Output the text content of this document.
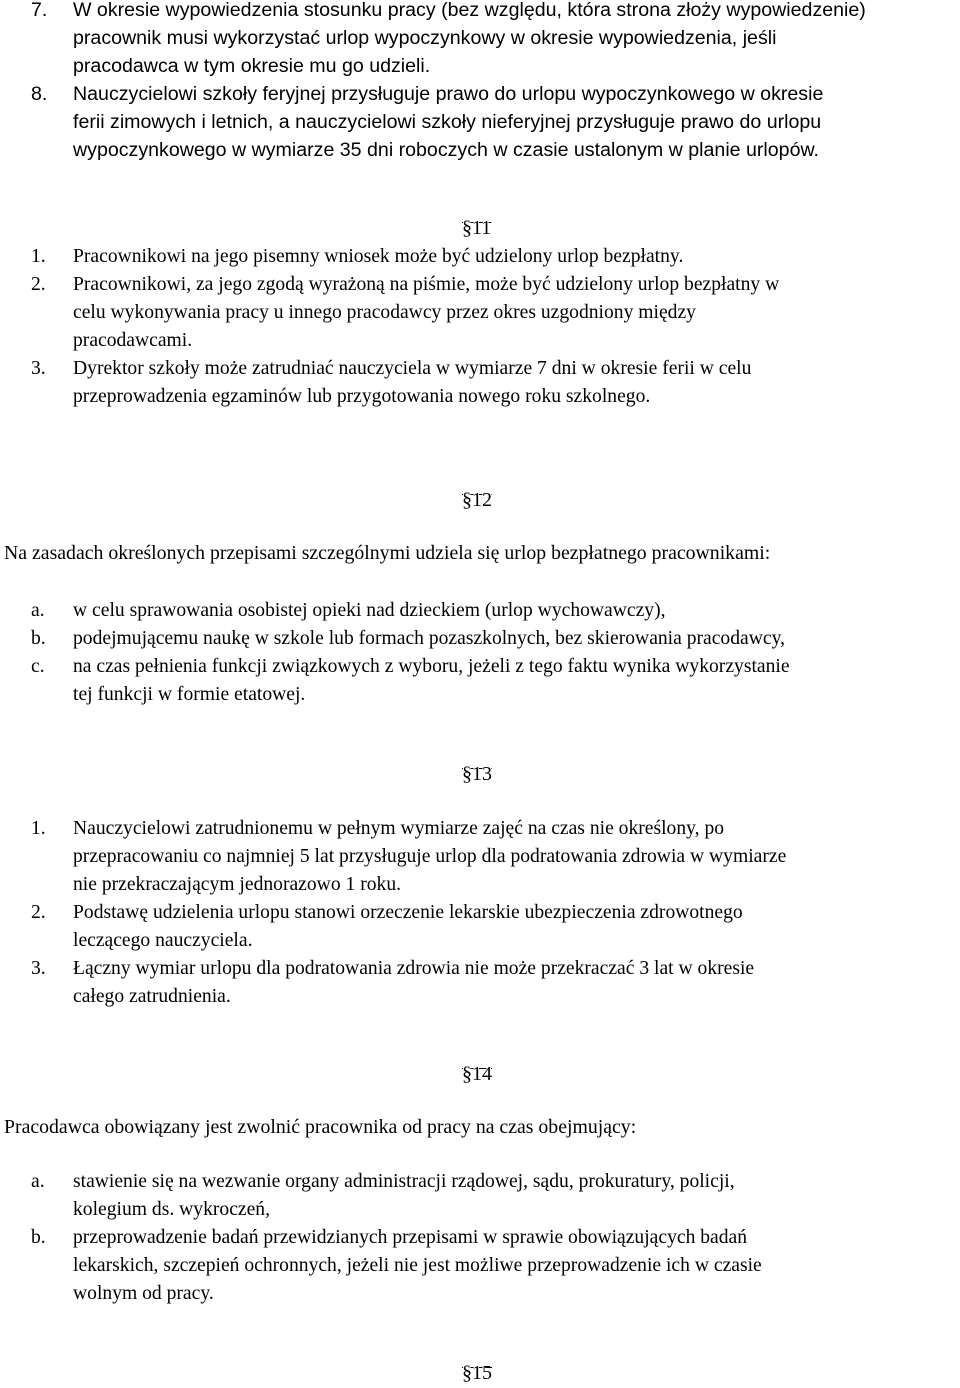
7. W okresie wypowiedzenia stosunku pracy (bez względu, która strona złoży wypowiedzenie)
pracownik musi wykorzystać urlop wypoczynkowy w okresie wypowiedzenia, jeśli
pracodawca w tym okresie mu go udzieli.
8. Nauczycielowi szkoły feryjnej przysługuje prawo do urlopu wypoczynkowego w okresie
ferii zimowych i letnich, a nauczycielowi szkoły nieferyjnej przysługuje prawo do urlopu
wypoczynkowego w wymiarze 35 dni roboczych w czasie ustalonym w planie urlopów.
§11
1. Pracownikowi na jego pisemny wniosek może być udzielony urlop bezpłatny.
2. Pracownikowi, za jego zgodą wyrażoną na piśmie, może być udzielony urlop bezpłatny w
celu wykonywania pracy u innego pracodawcy przez okres uzgodniony między
pracodawcami.
3. Dyrektor szkoły może zatrudniać nauczyciela w wymiarze 7 dni w okresie ferii w celu
przeprowadzenia egzaminów lub przygotowania nowego roku szkolnego.
§12
Na zasadach określonych przepisami szczególnymi udziela się urlop bezpłatnego pracownikami:
a. w celu sprawowania osobistej opieki nad dzieckiem (urlop wychowawczy),
b. podejmującemu naukę w szkole lub formach pozaszkolnych, bez skierowania pracodawcy,
c. na czas pełnienia funkcji związkowych z wyboru, jeżeli z tego faktu wynika wykorzystanie
tej funkcji w formie etatowej.
§13
1. Nauczycielowi zatrudnionemu w pełnym wymiarze zajęć na czas nie określony, po
przepracowaniu co najmniej 5 lat przysługuje urlop dla podratowania zdrowia w wymiarze
nie przekraczającym jednorazowo 1 roku.
2. Podstawę udzielenia urlopu stanowi orzeczenie lekarskie ubezpieczenia zdrowotnego
leczącego nauczyciela.
3. Łączny wymiar urlopu dla podratowania zdrowia nie może przekraczać 3 lat w okresie
całego zatrudnienia.
§14
Pracodawca obowiązany jest zwolnić pracownika od pracy na czas obejmujący:
a. stawienie się na wezwanie organy administracji rządowej, sądu, prokuratury, policji,
kolegium ds. wykroczeń,
b. przeprowadzenie badań przewidzianych przepisami w sprawie obowiązujących badań
lekarskich, szczepień ochronnych, jeżeli nie jest możliwe przeprowadzenie ich w czasie
wolnym od pracy.
§15
